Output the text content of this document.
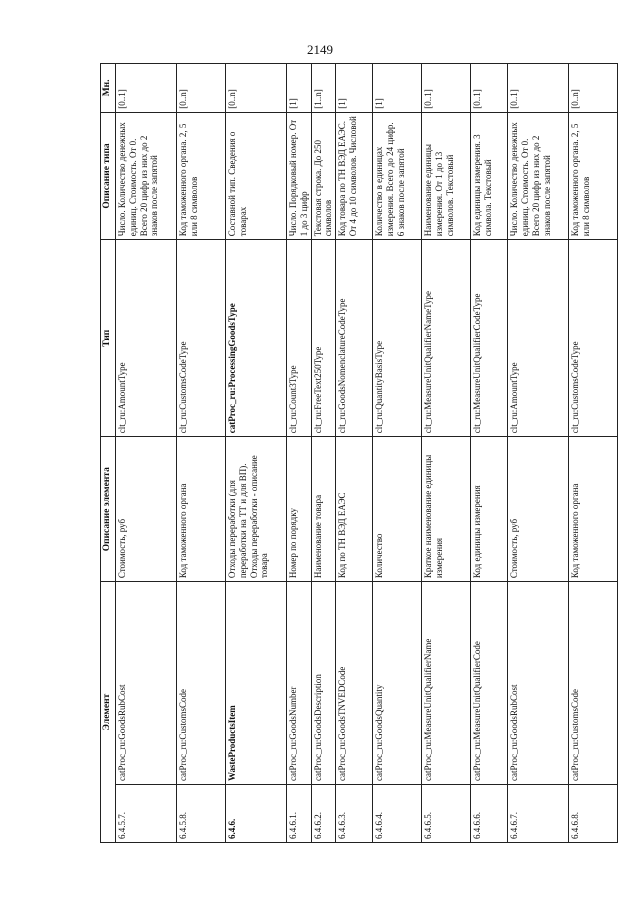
2149
Элемент		Описание элемента	Тип	Описание типа	Мн.
6.4.5.7.	catProc_ru:GoodsRubCost	Стоимость, руб	clt_ru:AmountType	Число. Количество денежных единиц. Стоимость. От 0. Всего 20 цифр из них до 2 знаков после запятой	[0..1]
6.4.5.8.	catProc_ru:CustomsCode	Код таможенного органа	clt_ru:CustomsCodeType	Код таможенного органа. 2, 5 или 8 символов	[0..n]
6.4.6.	WasteProductsItem	Отходы переработки (для переработки на ТТ и для ВП). Отходы переработки - описание товара	catProc_ru:ProcessingGoodsType	Составной тип. Сведения о товарах	[0..n]
6.4.6.1.	catProc_ru:GoodsNumber	Номер по порядку	clt_ru:Count3Type	Число. Порядковый номер. От 1 до 3 цифр	[1]
6.4.6.2.	catProc_ru:GoodsDescription	Наименование товара	clt_ru:FreeText250Type	Текстовая строка. До 250 символов	[1..n]
6.4.6.3.	catProc_ru:GoodsTNVEDCode	Код по ТН ВЭД ЕАЭС	clt_ru:GoodsNomenclatureCodeType	Код товара по ТН ВЭД ЕАЭС. От 4 до 10 символов. Числовой	[1]
6.4.6.4.	catProc_ru:GoodsQuantity	Количество	clt_ru:QuantityBasisType	Количество в единицах измерения. Всего до 24 цифр. 6 знаков после запятой	[1]
6.4.6.5.	catProc_ru:MeasureUnitQualifierName	Краткое наименование единицы измерения	clt_ru:MeasureUnitQualifierNameType	Наименование единицы измерения. От 1 до 13 символов. Текстовый	[0..1]
6.4.6.6.	catProc_ru:MeasureUnitQualifierCode	Код единицы измерения	clt_ru:MeasureUnitQualifierCodeType	Код единицы измерения. 3 символа. Текстовый	[0..1]
6.4.6.7.	catProc_ru:GoodsRubCost	Стоимость, руб	clt_ru:AmountType	Число. Количество денежных единиц. Стоимость. От 0. Всего 20 цифр из них до 2 знаков после запятой	[0..1]
6.4.6.8.	catProc_ru:CustomsCode	Код таможенного органа	clt_ru:CustomsCodeType	Код таможенного органа. 2, 5 или 8 символов	[0..n]
